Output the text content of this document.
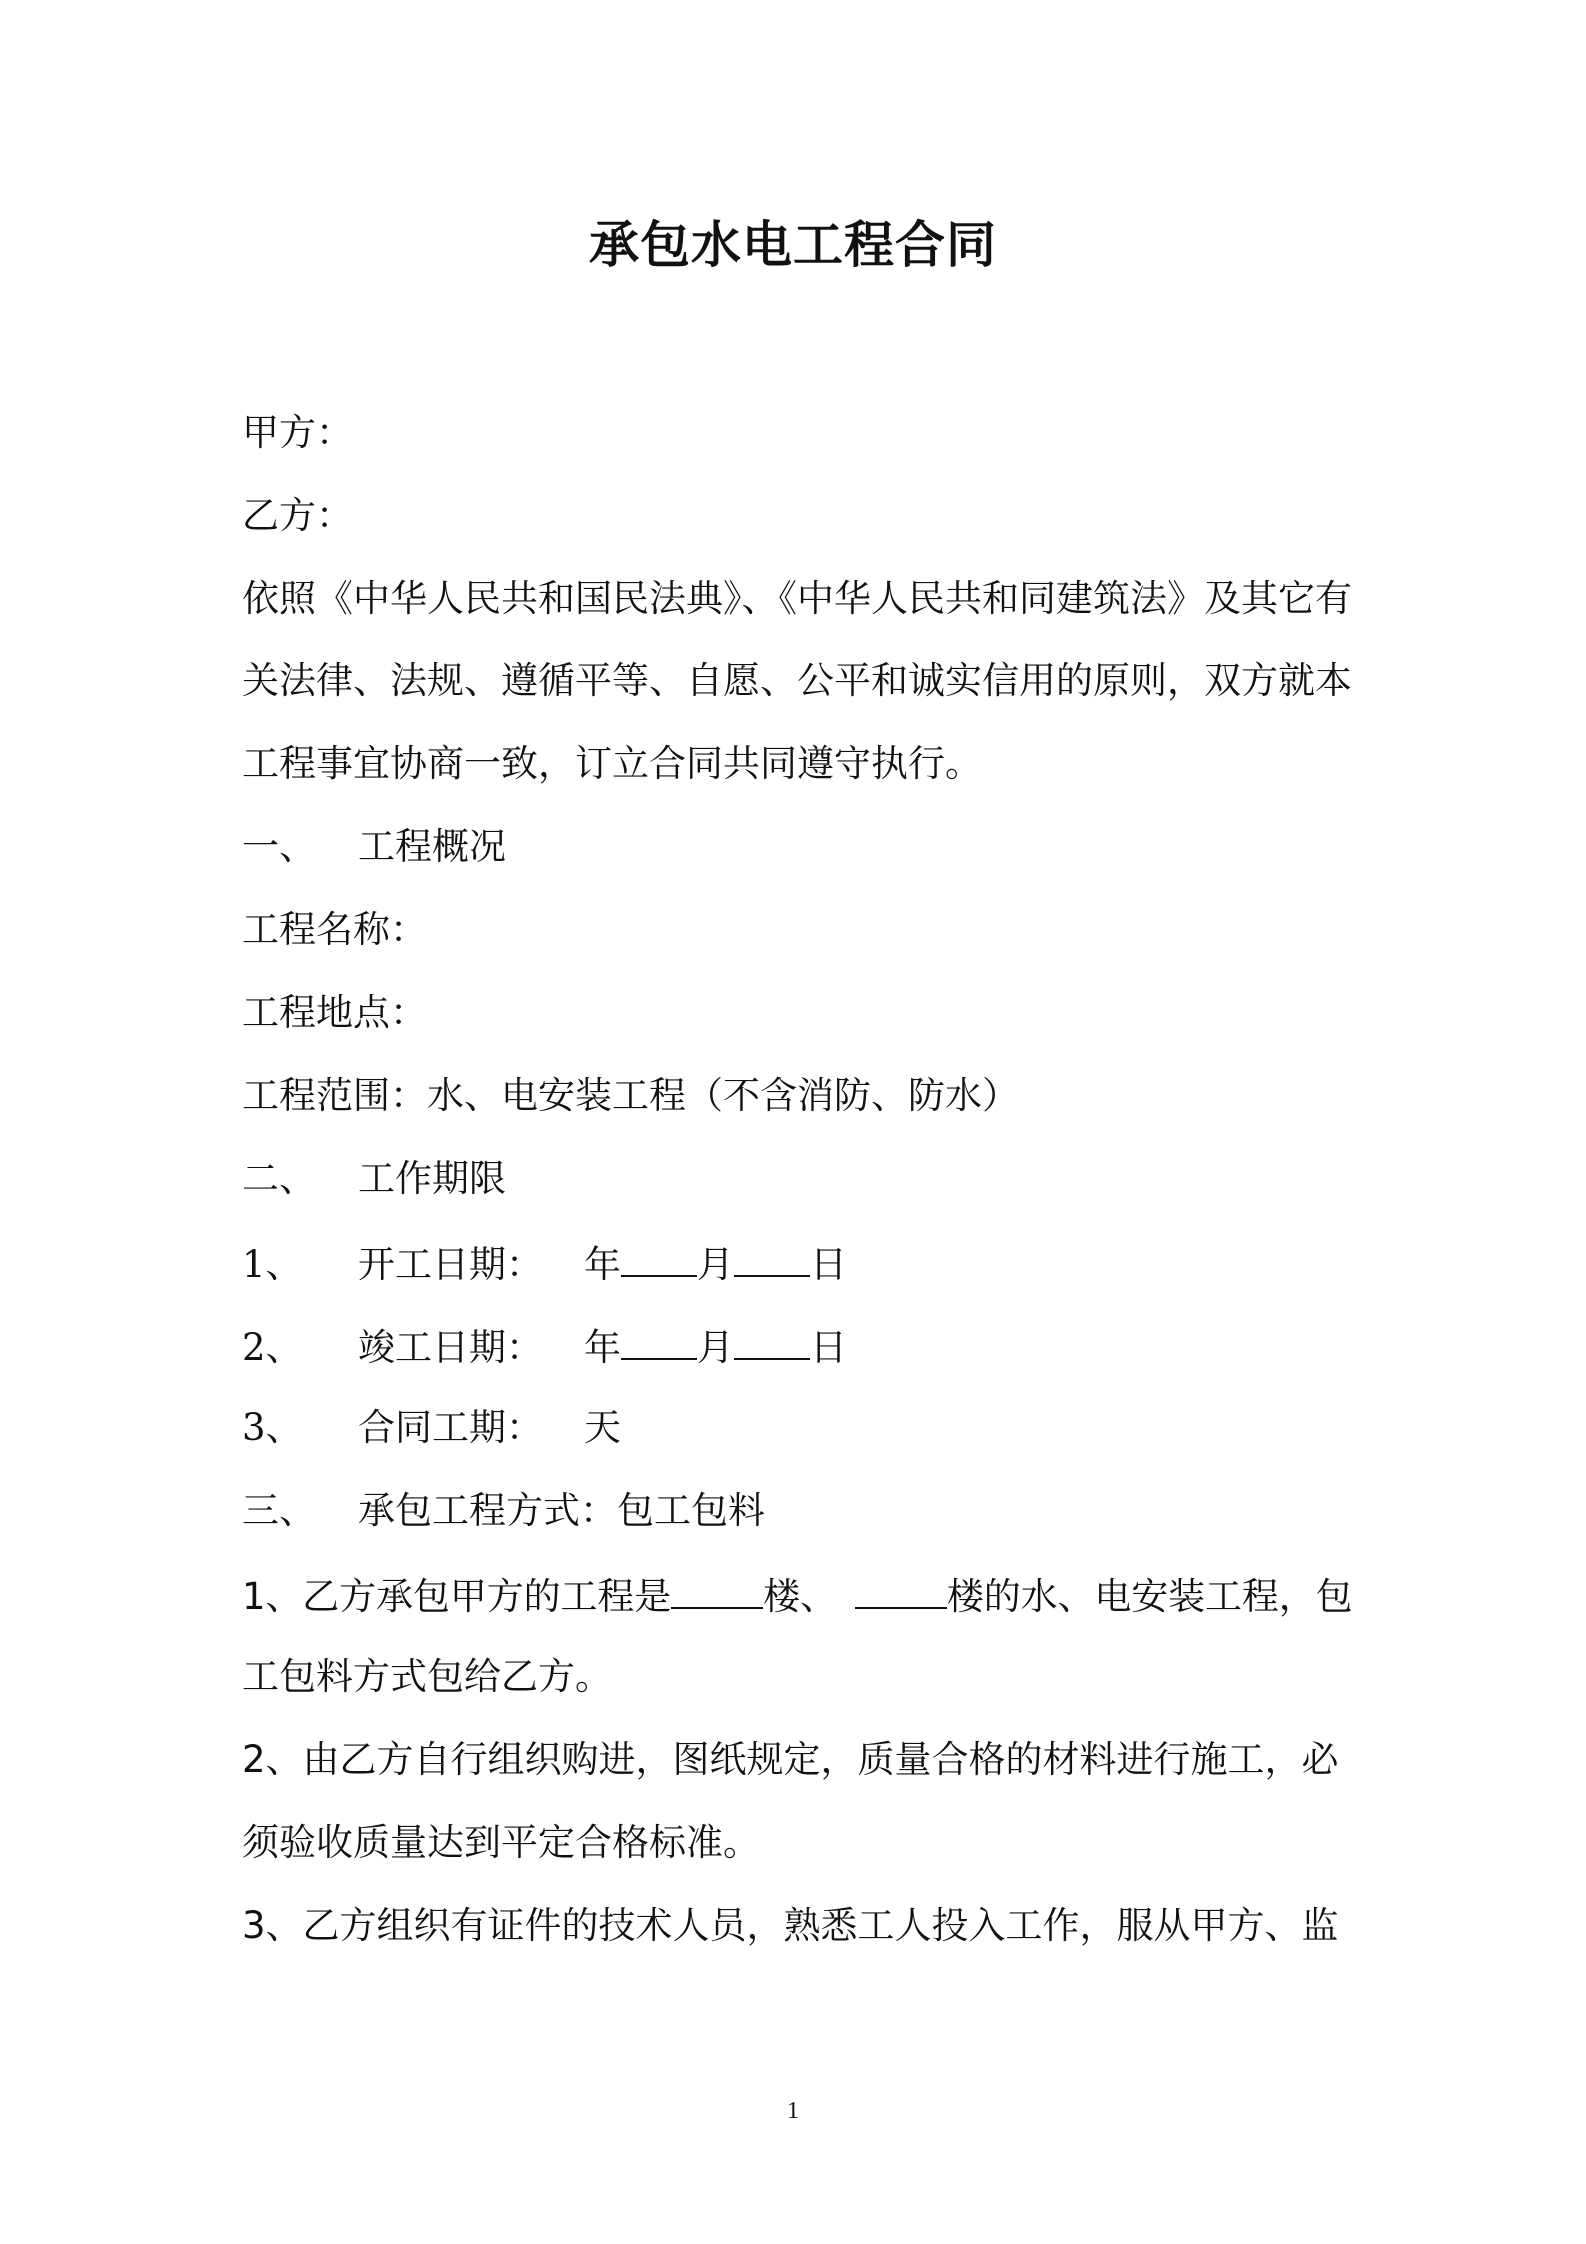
承包水电工程合同
甲方：
乙方：
依照《中华人民共和国民法典》、《中华人民共和同建筑法》及其它有
关法律、法规、遵循平等、自愿、公平和诚实信用的原则，双方就本
工程事宜协商一致，订立合同共同遵守执行。
一、 工程概况
工程名称：
工程地点：
工程范围：水、电安装工程（不含消防、防水）
二、 工作期限
1、 开工日期： 年 月 日
2、 竣工日期： 年 月 日
3、 合同工期： 天
三、 承包工程方式：包工包料
1、乙方承包甲方的工程是 楼、	楼的水、电安装工程，包
工包料方式包给乙方。
2、由乙方自行组织购进，图纸规定，质量合格的材料进行施工，必
须验收质量达到平定合格标准。
3、乙方组织有证件的技术人员，熟悉工人投入工作，服从甲方、监
1
